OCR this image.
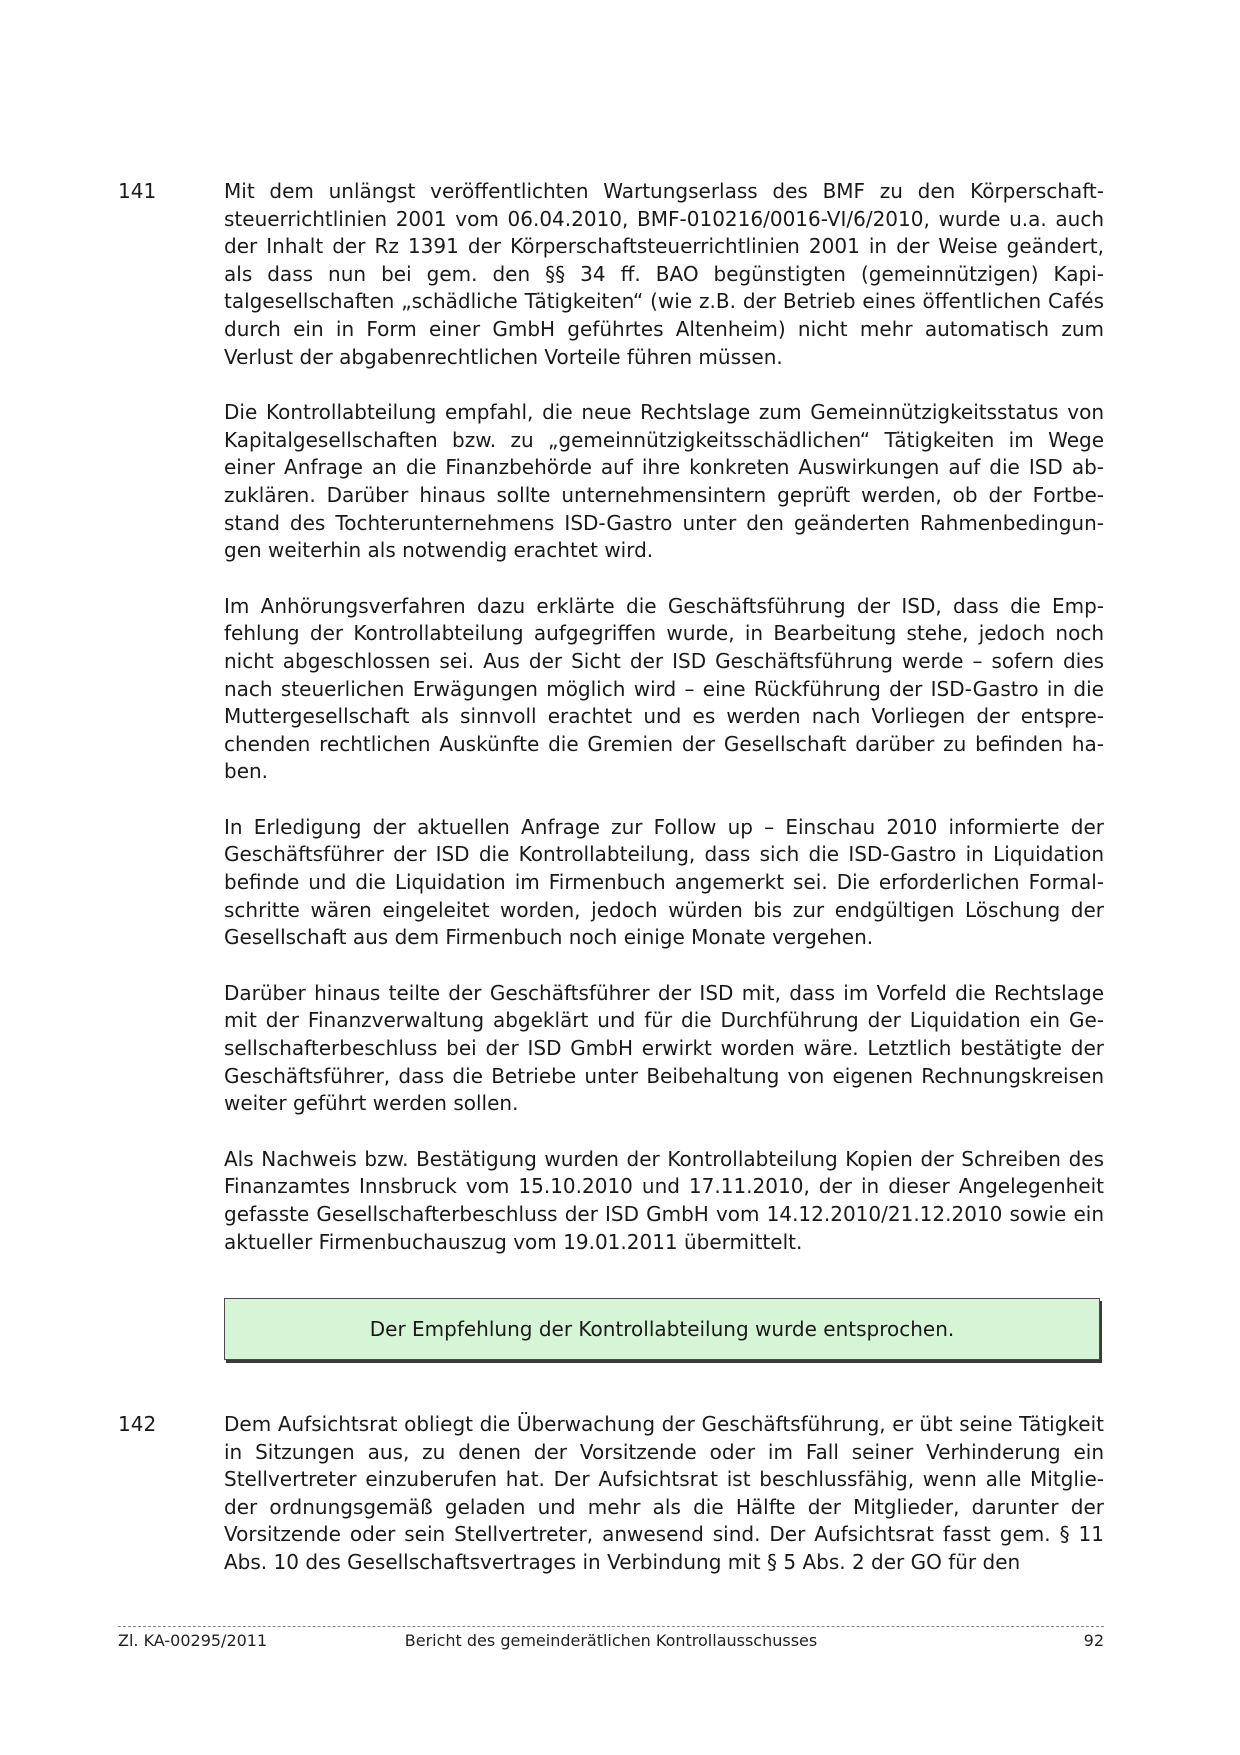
141	Mit dem unlängst veröffentlichten Wartungserlass des BMF zu den Körperschaftsteuerrichtlinien 2001 vom 06.04.2010, BMF-010216/0016-VI/6/2010, wurde u.a. auch der Inhalt der Rz 1391 der Körperschaftsteuerrichtlinien 2001 in der Weise geändert, als dass nun bei gem. den §§ 34 ff. BAO begünstigten (gemeinnützigen) Kapitalgesellschaften „schädliche Tätigkeiten“ (wie z.B. der Betrieb eines öffentlichen Cafés durch ein in Form einer GmbH geführtes Altenheim) nicht mehr automatisch zum Verlust der abgabenrechtlichen Vorteile führen müssen.

Die Kontrollabteilung empfahl, die neue Rechtslage zum Gemeinnützigkeitsstatus von Kapitalgesellschaften bzw. zu „gemeinnützigkeitsschädlichen“ Tätigkeiten im Wege einer Anfrage an die Finanzbehörde auf ihre konkreten Auswirkungen auf die ISD abzuklären. Darüber hinaus sollte unternehmensintern geprüft werden, ob der Fortbestand des Tochterunternehmens ISD-Gastro unter den geänderten Rahmenbedingungen weiterhin als notwendig erachtet wird.

Im Anhörungsverfahren dazu erklärte die Geschäftsführung der ISD, dass die Empfehlung der Kontrollabteilung aufgegriffen wurde, in Bearbeitung stehe, jedoch noch nicht abgeschlossen sei. Aus der Sicht der ISD Geschäftsführung werde – sofern dies nach steuerlichen Erwägungen möglich wird – eine Rückführung der ISD-Gastro in die Muttergesellschaft als sinnvoll erachtet und es werden nach Vorliegen der entsprechenden rechtlichen Auskünfte die Gremien der Gesellschaft darüber zu befinden haben.

In Erledigung der aktuellen Anfrage zur Follow up – Einschau 2010 informierte der Geschäftsführer der ISD die Kontrollabteilung, dass sich die ISD-Gastro in Liquidation befinde und die Liquidation im Firmenbuch angemerkt sei. Die erforderlichen Formalschritte wären eingeleitet worden, jedoch würden bis zur endgültigen Löschung der Gesellschaft aus dem Firmenbuch noch einige Monate vergehen.

Darüber hinaus teilte der Geschäftsführer der ISD mit, dass im Vorfeld die Rechtslage mit der Finanzverwaltung abgeklärt und für die Durchführung der Liquidation ein Gesellschafterbeschluss bei der ISD GmbH erwirkt worden wäre. Letztlich bestätigte der Geschäftsführer, dass die Betriebe unter Beibehaltung von eigenen Rechnungskreisen weiter geführt werden sollen.

Als Nachweis bzw. Bestätigung wurden der Kontrollabteilung Kopien der Schreiben des Finanzamtes Innsbruck vom 15.10.2010 und 17.11.2010, der in dieser Angelegenheit gefasste Gesellschafterbeschluss der ISD GmbH vom 14.12.2010/21.12.2010 sowie ein aktueller Firmenbuchauszug vom 19.01.2011 übermittelt.

Der Empfehlung der Kontrollabteilung wurde entsprochen.
142	Dem Aufsichtsrat obliegt die Überwachung der Geschäftsführung, er übt seine Tätigkeit in Sitzungen aus, zu denen der Vorsitzende oder im Fall seiner Verhinderung ein Stellvertreter einzuberufen hat. Der Aufsichtsrat ist beschlussfähig, wenn alle Mitglieder ordnungsgemäß geladen und mehr als die Hälfte der Mitglieder, darunter der Vorsitzende oder sein Stellvertreter, anwesend sind. Der Aufsichtsrat fasst gem. § 11 Abs. 10 des Gesellschaftsvertrages in Verbindung mit § 5 Abs. 2 der GO für den

Zl. KA-00295/2011	Bericht des gemeinderätlichen Kontrollausschusses	92
